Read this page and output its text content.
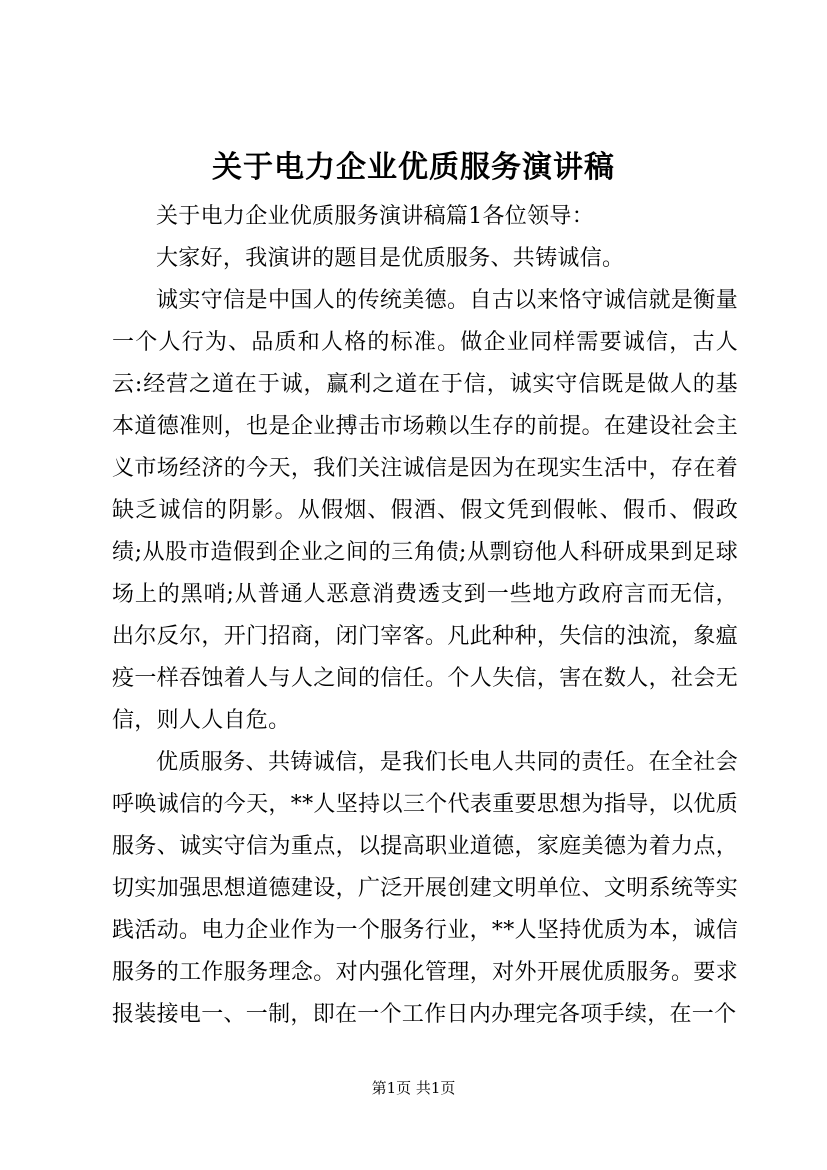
关于电力企业优质服务演讲稿

关于电力企业优质服务演讲稿篇1各位领导：

大家好，我演讲的题目是优质服务、共铸诚信。

诚实守信是中国人的传统美德。自古以来恪守诚信就是衡量一个人行为、品质和人格的标准。做企业同样需要诚信，古人云:经营之道在于诚，赢利之道在于信，诚实守信既是做人的基本道德准则，也是企业搏击市场赖以生存的前提。在建设社会主义市场经济的今天，我们关注诚信是因为在现实生活中，存在着缺乏诚信的阴影。从假烟、假酒、假文凭到假帐、假币、假政绩;从股市造假到企业之间的三角债;从剽窃他人科研成果到足球场上的黑哨;从普通人恶意消费透支到一些地方政府言而无信，出尔反尔，开门招商，闭门宰客。凡此种种，失信的浊流，象瘟疫一样吞蚀着人与人之间的信任。个人失信，害在数人，社会无信，则人人自危。

优质服务、共铸诚信，是我们长电人共同的责任。在全社会呼唤诚信的今天，**人坚持以三个代表重要思想为指导，以优质服务、诚实守信为重点，以提高职业道德，家庭美德为着力点，切实加强思想道德建设，广泛开展创建文明单位、文明系统等实践活动。电力企业作为一个服务行业，**人坚持优质为本，诚信服务的工作服务理念。对内强化管理，对外开展优质服务。要求报装接电一、一制，即在一个工作日内办理完各项手续，在一个

第1页 共1页
